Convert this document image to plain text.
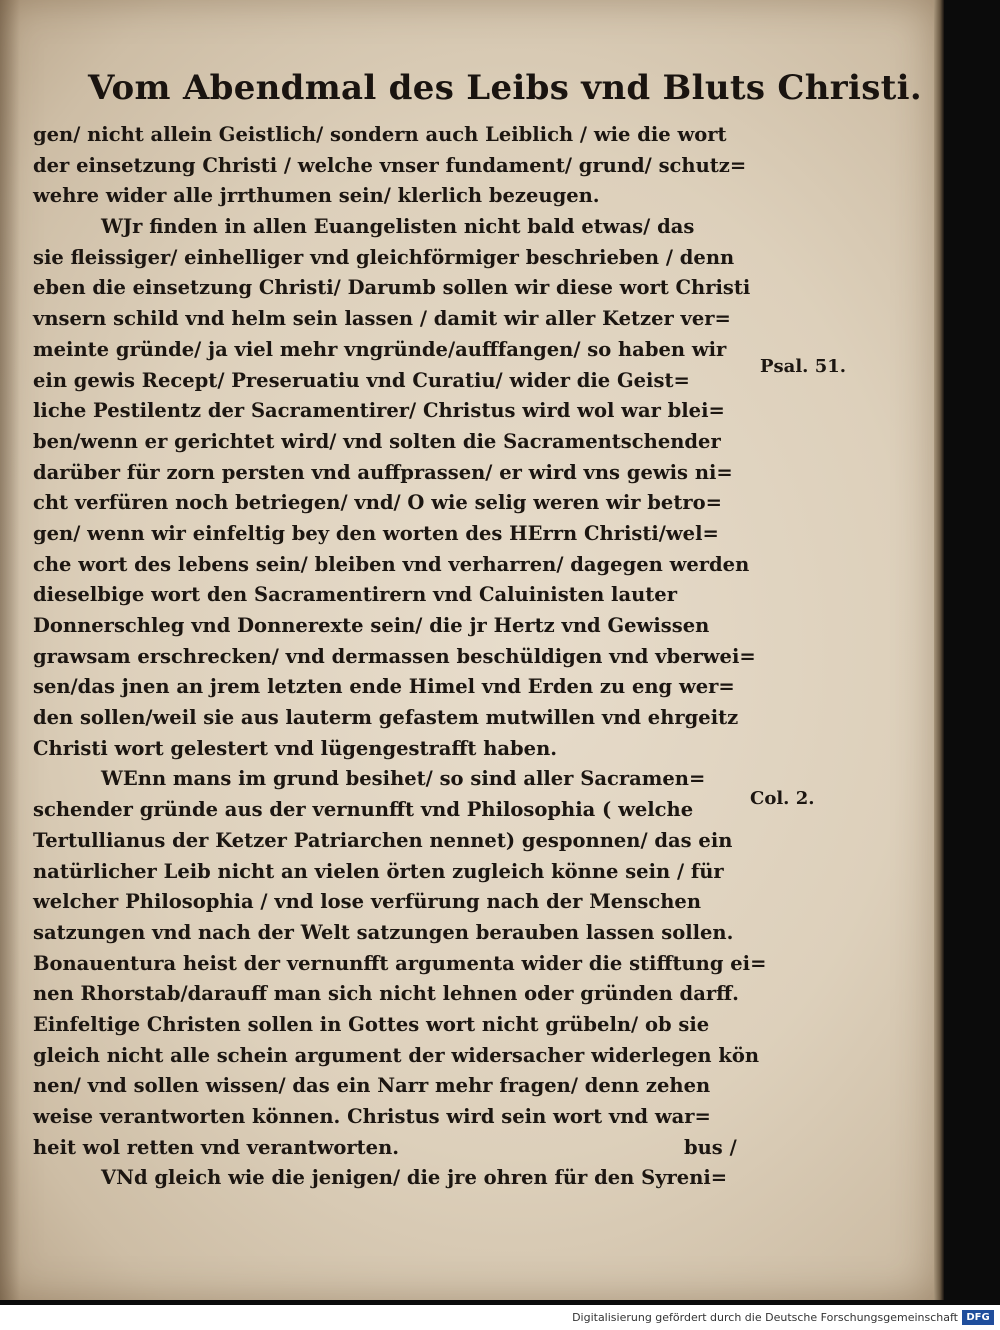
Vom Abendmal des Leibs vnd Bluts Christi.
gen/ nicht allein Geistlich/ sondern auch Leiblich / wie die wort
der einsetzung Christi / welche vnser fundament/ grund/ schutz=
wehre wider alle jrrthumen sein/ klerlich bezeugen.
WJr finden in allen Euangelisten nicht bald etwas/ das
sie fleissiger/ einhelliger vnd gleichförmiger beschrieben / denn
eben die einsetzung Christi/ Darumb sollen wir diese wort Christi
vnsern schild vnd helm sein lassen / damit wir aller Ketzer ver=
meinte gründe/ ja viel mehr vngründe/aufffangen/ so haben wir
ein gewis Recept/ Preseruatiu vnd Curatiu/ wider die Geist=
liche Pestilentz der Sacramentirer/ Christus wird wol war blei=
ben/wenn er gerichtet wird/ vnd solten die Sacramentschender
darüber für zorn persten vnd auffprassen/ er wird vns gewis ni=
cht verfüren noch betriegen/ vnd/ O wie selig weren wir betro=
gen/ wenn wir einfeltig bey den worten des HErrn Christi/wel=
che wort des lebens sein/ bleiben vnd verharren/ dagegen werden
dieselbige wort den Sacramentirern vnd Caluinisten lauter
Donnerschleg vnd Donnerexte sein/ die jr Hertz vnd Gewissen
grawsam erschrecken/ vnd dermassen beschüldigen vnd vberwei=
sen/das jnen an jrem letzten ende Himel vnd Erden zu eng wer=
den sollen/weil sie aus lauterm gefastem mutwillen vnd ehrgeitz
Christi wort gelestert vnd lügengestrafft haben.
WEnn mans im grund besihet/ so sind aller Sacramen=
schender gründe aus der vernunfft vnd Philosophia ( welche
Tertullianus der Ketzer Patriarchen nennet) gesponnen/ das ein
natürlicher Leib nicht an vielen örten zugleich könne sein / für
welcher Philosophia / vnd lose verfürung nach der Menschen
satzungen vnd nach der Welt satzungen berauben lassen sollen.
Bonauentura heist der vernunfft argumenta wider die stifftung ei=
nen Rhorstab/darauff man sich nicht lehnen oder gründen darff.
Einfeltige Christen sollen in Gottes wort nicht grübeln/ ob sie
gleich nicht alle schein argument der widersacher widerlegen kön
nen/ vnd sollen wissen/ das ein Narr mehr fragen/ denn zehen
weise verantworten können. Christus wird sein wort vnd war=
heit wol retten vnd verantworten.
VNd gleich wie die jenigen/ die jre ohren für den Syreni=
bus /
Psal. 51.
Col. 2.
Digitalisierung gefördert durch die Deutsche Forschungsgemeinschaft DFG
